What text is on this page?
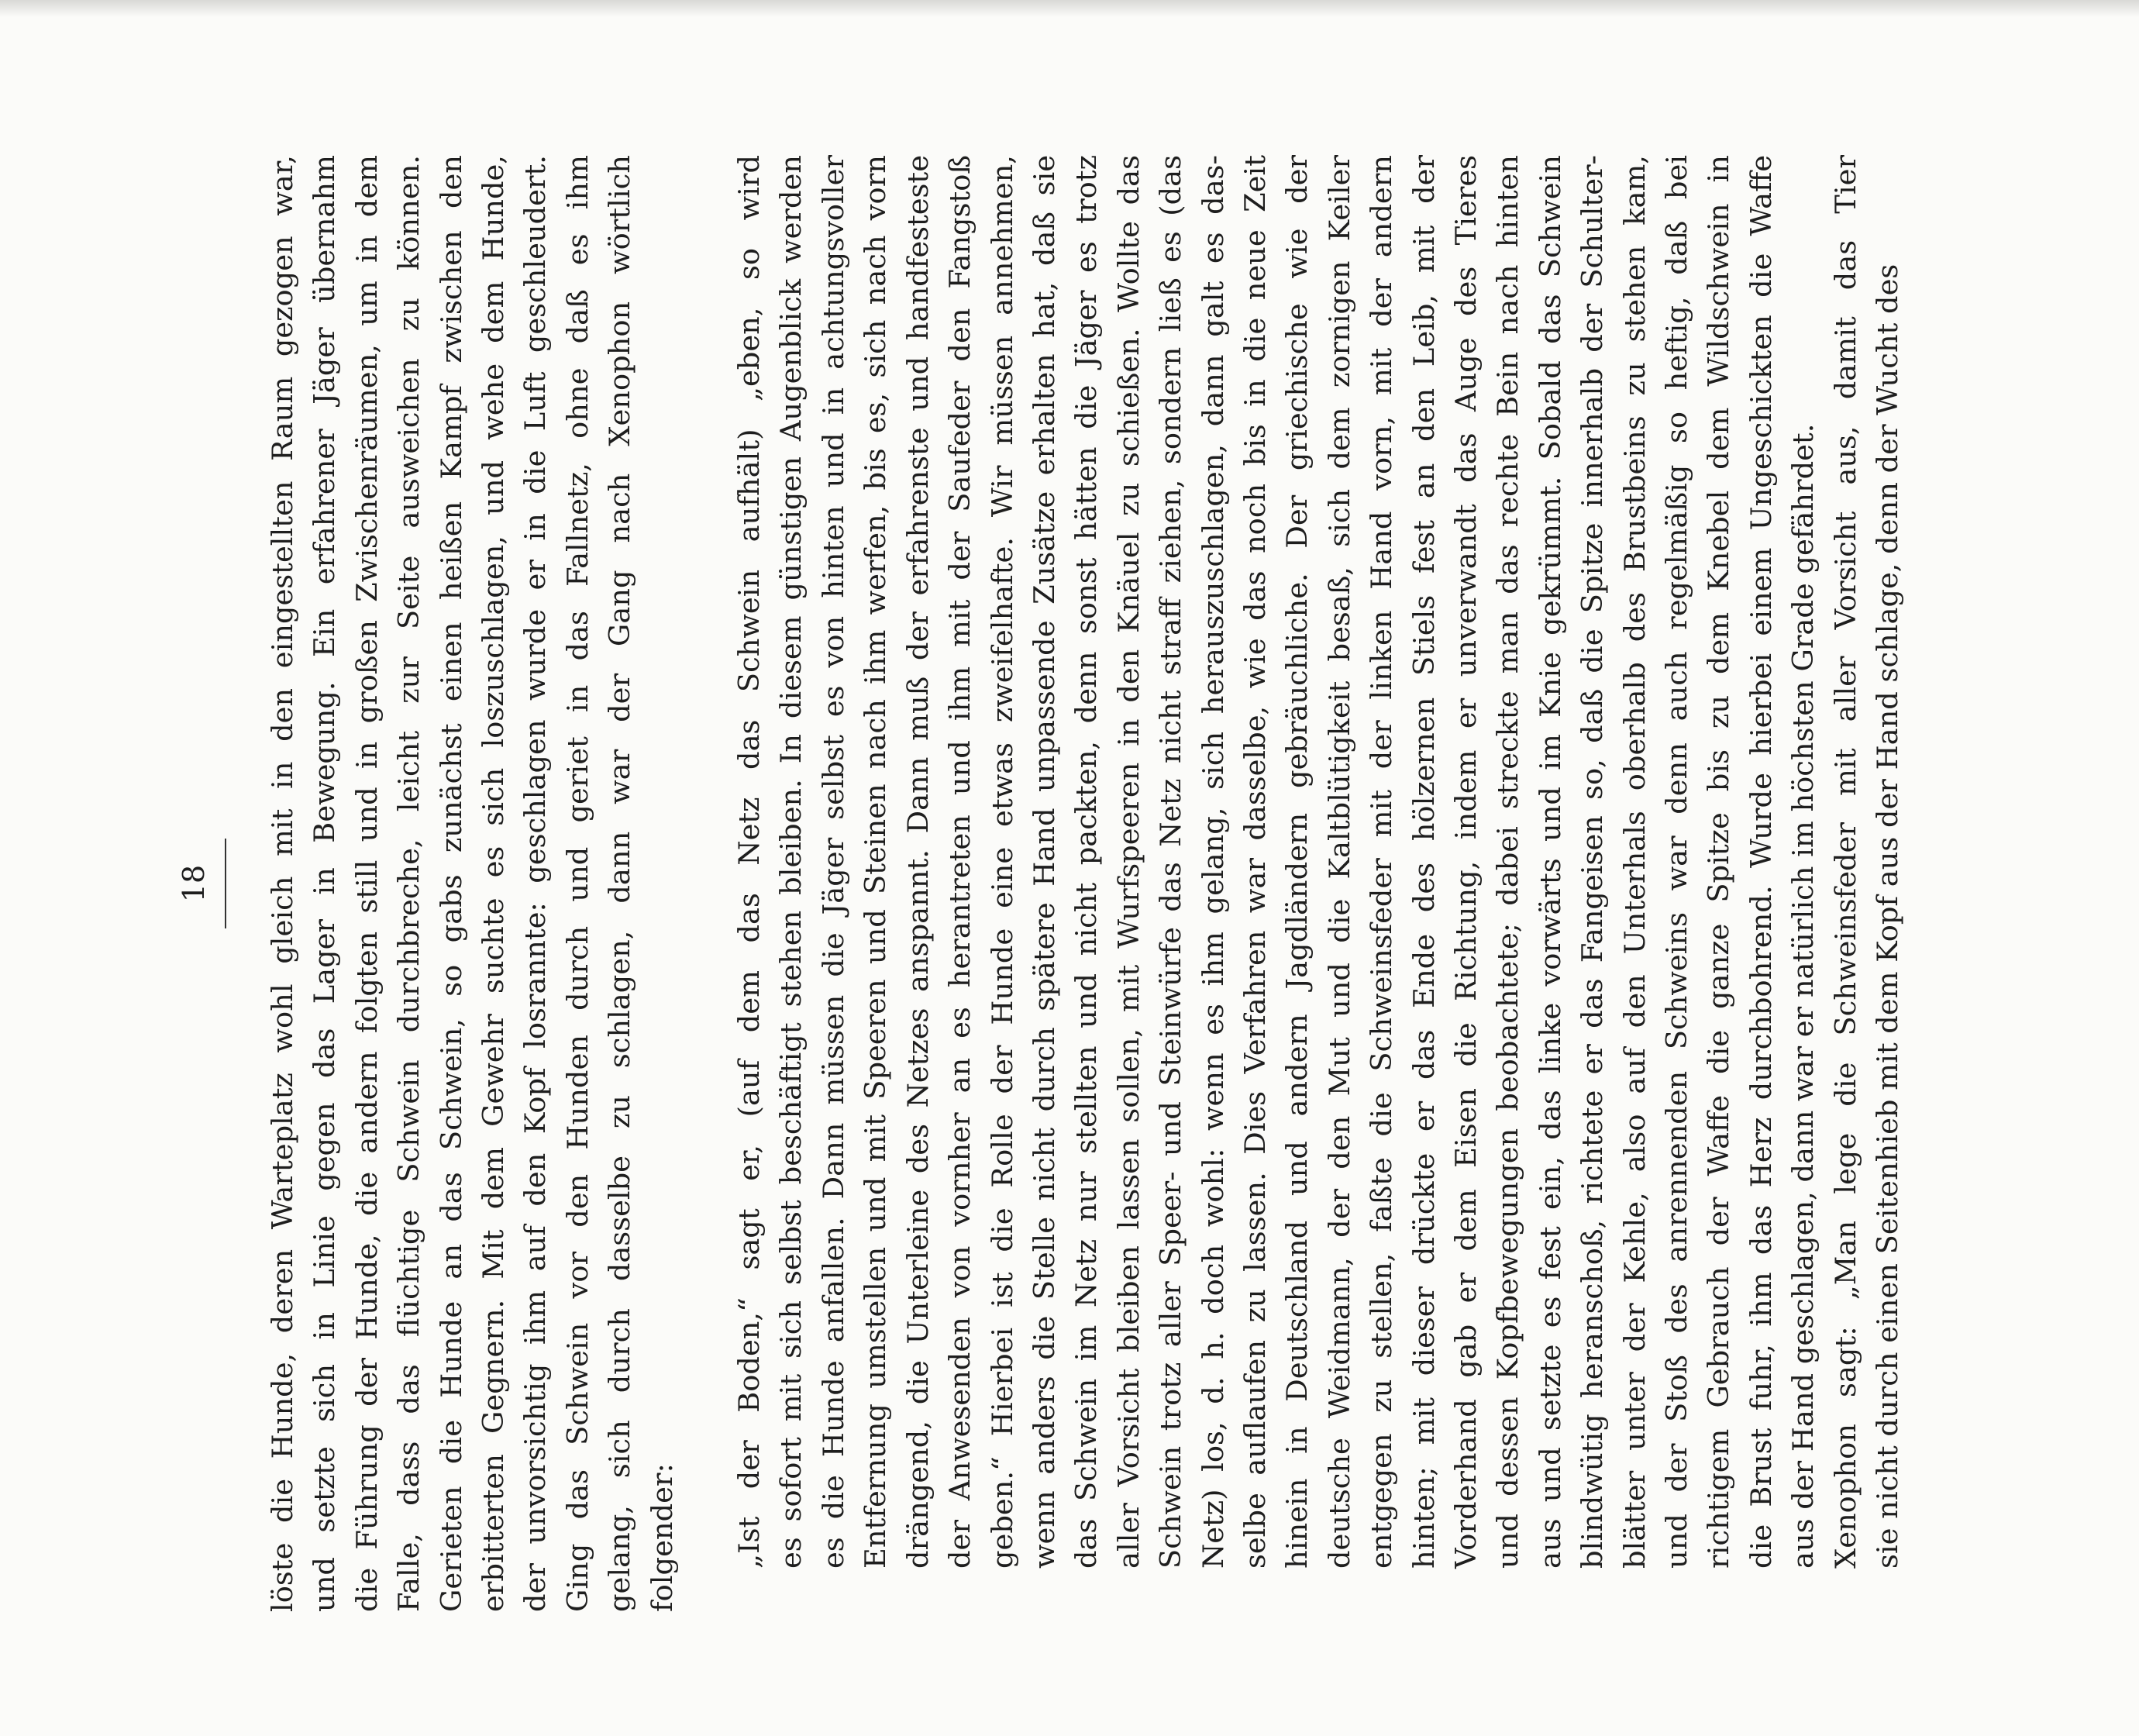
18	löste die Hunde, deren Warteplatz wohl gleich mit in den eingestellten Raum gezogen war, und setzte sich in Linie gegen das Lager in Bewegung. Ein erfahrener Jäger übernahm die Führung der Hunde, die andern folgten still und in großen Zwischenräumen, um in dem Falle, dass das flüchtige Schwein durchbreche, leicht zur Seite ausweichen zu können. Gerieten die Hunde an das Schwein, so gabs zunächst einen heißen Kampf zwischen den erbitterten Gegnern. Mit dem Gewehr suchte es sich loszuschlagen, und wehe dem Hunde, der unvorsichtig ihm auf den Kopf losrannte: geschlagen wurde er in die Luft geschleudert. Ging das Schwein vor den Hunden durch und geriet in das Fallnetz, ohne daß es ihm gelang, sich durch dasselbe zu schlagen, dann war der Gang nach Xenophon wörtlich folgender: „Ist der Boden,“ sagt er, (auf dem das Netz das Schwein aufhält) „eben, so wird es sofort mit sich selbst beschäftigt stehen bleiben. In diesem günstigen Augenblick werden es die Hunde anfallen. Dann müssen die Jäger selbst es von hinten und in achtungsvoller Entfernung umstellen und mit Speeren und Steinen nach ihm werfen, bis es, sich nach vorn drängend, die Unterleine des Netzes anspannt. Dann muß der erfahrenste und handfesteste der Anwesenden von vornher an es herantreten und ihm mit der Saufeder den Fangstoß geben.“ Hierbei ist die Rolle der Hunde eine etwas zweifelhafte. Wir müssen annehmen, wenn anders die Stelle nicht durch spätere Hand unpassende Zusätze erhalten hat, daß sie das Schwein im Netz nur stellten und nicht packten, denn sonst hätten die Jäger es trotz aller Vorsicht bleiben lassen sollen, mit Wurfspeeren in den Knäuel zu schießen. Wollte das Schwein trotz aller Speer- und Steinwürfe das Netz nicht straff ziehen, sondern ließ es (das Netz) los, d. h. doch wohl: wenn es ihm gelang, sich herauszuschlagen, dann galt es das- selbe auflaufen zu lassen. Dies Verfahren war dasselbe, wie das noch bis in die neue Zeit hinein in Deutschland und andern Jagdländern gebräuchliche. Der griechische wie der deutsche Weidmann, der den Mut und die Kaltblütigkeit besaß, sich dem zornigen Keiler entgegen zu stellen, faßte die Schweinsfeder mit der linken Hand vorn, mit der andern hinten; mit dieser drückte er das Ende des hölzernen Stiels fest an den Leib, mit der Vorderhand gab er dem Eisen die Richtung, indem er unverwandt das Auge des Tieres und dessen Kopfbewegungen beobachtete; dabei streckte man das rechte Bein nach hinten aus und setzte es fest ein, das linke vorwärts und im Knie gekrümmt. Sobald das Schwein blindwütig heranschoß, richtete er das Fangeisen so, daß die Spitze innerhalb der Schulter- blätter unter der Kehle, also auf den Unterhals oberhalb des Brustbeins zu stehen kam, und der Stoß des anrennenden Schweins war denn auch regelmäßig so heftig, daß bei richtigem Gebrauch der Waffe die ganze Spitze bis zu dem Knebel dem Wildschwein in die Brust fuhr, ihm das Herz durchbohrend. Wurde hierbei einem Ungeschickten die Waffe aus der Hand geschlagen, dann war er natürlich im höchsten Grade gefährdet. Xenophon sagt: „Man lege die Schweinsfeder mit aller Vorsicht aus, damit das Tier sie nicht durch einen Seitenhieb mit dem Kopf aus der Hand schlage, denn der Wucht des
